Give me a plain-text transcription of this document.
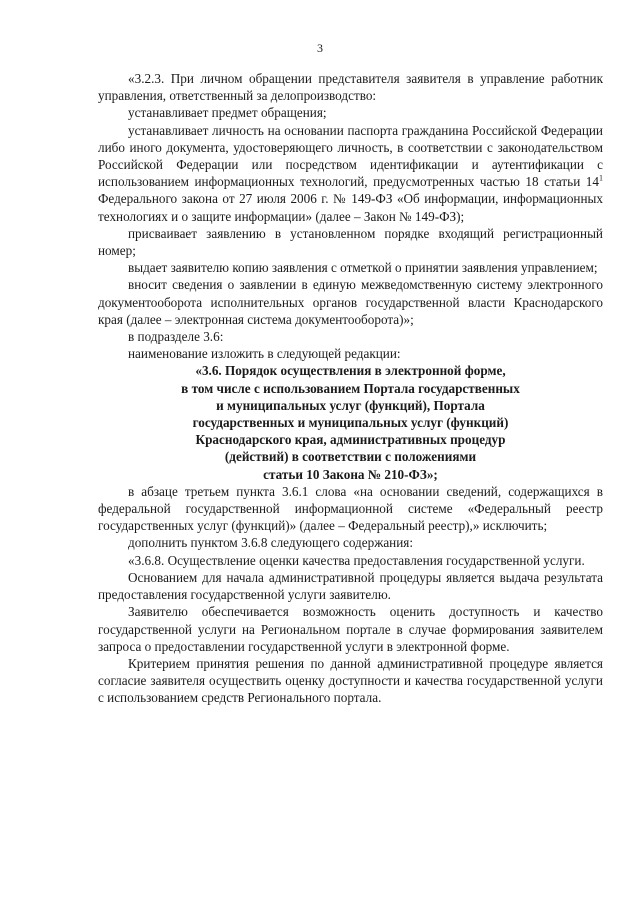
3

«3.2.3. При личном обращении представителя заявителя в управление работник управления, ответственный за делопроизводство:

устанавливает предмет обращения;

устанавливает личность на основании паспорта гражданина Российской Федерации либо иного документа, удостоверяющего личность, в соответствии с законодательством Российской Федерации или посредством идентификации и аутентификации с использованием информационных технологий, предусмотренных частью 18 статьи $14^1$ Федерального закона от 27 июля 2006 г. № 149-ФЗ «Об информации, информационных технологиях и о защите информации» (далее – Закон № 149-ФЗ);

присваивает заявлению в установленном порядке входящий регистрационный номер;

выдает заявителю копию заявления с отметкой о принятии заявления управлением;

вносит сведения о заявлении в единую межведомственную систему электронного документооборота исполнительных органов государственной власти Краснодарского края (далее – электронная система документооборота)»;

в подразделе 3.6:

наименование изложить в следующей редакции:

«3.6. Порядок осуществления в электронной форме,
в том числе с использованием Портала государственных
и муниципальных услуг (функций), Портала
государственных и муниципальных услуг (функций)
Краснодарского края, административных процедур
(действий) в соответствии с положениями
статьи 10 Закона № 210-ФЗ»;

в абзаце третьем пункта 3.6.1 слова «на основании сведений, содержащихся в федеральной государственной информационной системе «Федеральный реестр государственных услуг (функций)» (далее – Федеральный реестр),» исключить;

дополнить пунктом 3.6.8 следующего содержания:

«3.6.8. Осуществление оценки качества предоставления государственной услуги.

Основанием для начала административной процедуры является выдача результата предоставления государственной услуги заявителю.

Заявителю обеспечивается возможность оценить доступность и качество государственной услуги на Региональном портале в случае формирования заявителем запроса о предоставлении государственной услуги в электронной форме.

Критерием принятия решения по данной административной процедуре является согласие заявителя осуществить оценку доступности и качества государственной услуги с использованием средств Регионального портала.
